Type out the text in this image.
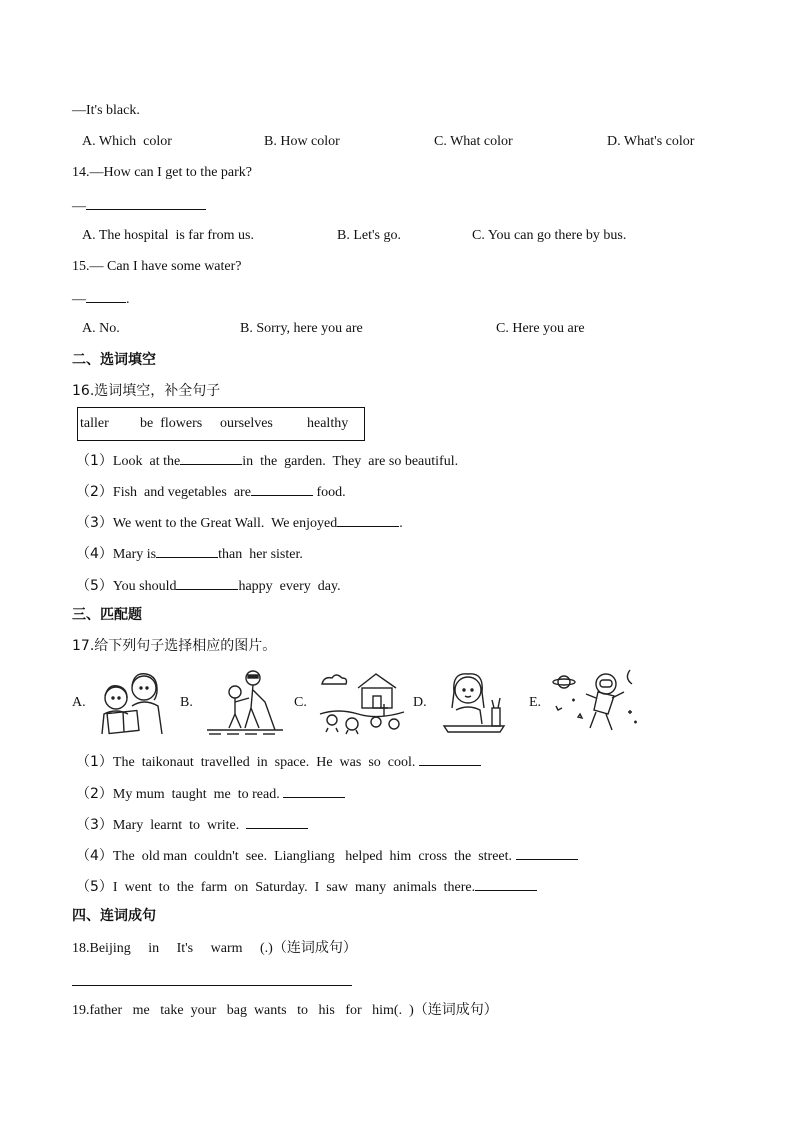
—It's black.
A. Which  color	B. How color	C. What color	D. What's color
14.—How can I get to the park?
—
A. The hospital  is far from us.	B. Let's go.	C. You can go there by bus.
15.— Can I have some water?
—	.
A. No.	B. Sorry, here you are	C. Here you are
二、选词填空
16.选词填空，补全句子
taller be  flowers ourselves healthy
（1）Look  at the	in  the  garden.  They  are so beautiful.
（2）Fish  and vegetables  are	food.
（3）We went to the Great Wall.  We enjoyed	.
（4）Mary is	than  her sister.
（5）You should	happy  every  day.
三、匹配题
17.给下列句子选择相应的图片。
A.	B.	C.	D.	E.
（1）The  taikonaut  travelled  in  space.  He  was  so  cool.
（2）My mum  taught  me  to read.
（3）Mary  learnt  to  write.
（4）The  old man  couldn't  see.  Liangliang   helped  him  cross  the  street.
（5）I  went  to  the  farm  on  Saturday.  I  saw  many  animals  there.
四、连词成句
18.Beijing     in     It's     warm     (.)（连词成句）
19.father   me   take  your   bag  wants   to   his   for   him(.  )（连词成句）
